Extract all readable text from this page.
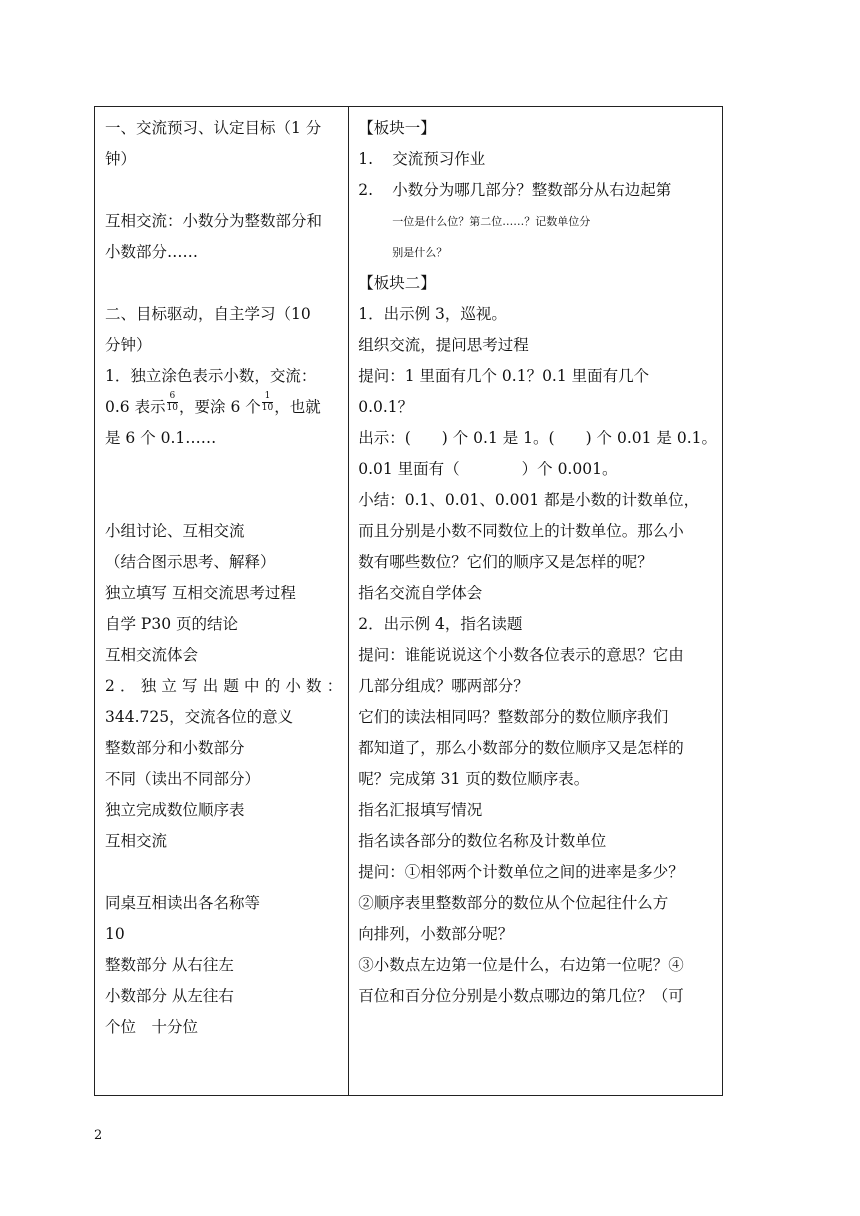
一、交流预习、认定目标（1 分
钟）
互相交流：小数分为整数部分和
小数部分……
二、目标驱动，自主学习（10
分钟）
1．独立涂色表示小数，交流：
0.6 表示 $\frac{6}{10}$ ，要涂 6 个 $\frac{1}{10}$ ，也就
是 6 个 0.1……
小组讨论、互相交流
（结合图示思考、解释）
独立填写 互相交流思考过程
自学 P30 页的结论
互相交流体会
2．独立写出题中的小数：
344.725，交流各位的意义
整数部分和小数部分
不同（读出不同部分）
独立完成数位顺序表
互相交流
同桌互相读出各名称等
10
整数部分 从右往左
小数部分 从左往右
个位　十分位
【板块一】
1. 交流预习作业
2. 小数分为哪几部分？整数部分从右边起第
一位是什么位？第二位……？记数单位分
别是什么？
【板块二】
1．出示例 3，巡视。
组织交流，提问思考过程
提问：1 里面有几个 0.1？0.1 里面有几个
0.0.1？
出示：(　　) 个 0.1 是 1。(　　) 个 0.01 是 0.1。
0.01 里面有（　　　　）个 0.001。
小结：0.1、0.01、0.001 都是小数的计数单位，
而且分别是小数不同数位上的计数单位。那么小
数有哪些数位？它们的顺序又是怎样的呢？
指名交流自学体会
2．出示例 4，指名读题
提问：谁能说说这个小数各位表示的意思？它由
几部分组成？哪两部分？
它们的读法相同吗？整数部分的数位顺序我们
都知道了，那么小数部分的数位顺序又是怎样的
呢？完成第 31 页的数位顺序表。
指名汇报填写情况
指名读各部分的数位名称及计数单位
提问：①相邻两个计数单位之间的进率是多少？
②顺序表里整数部分的数位从个位起往什么方
向排列，小数部分呢？
③小数点左边第一位是什么，右边第一位呢？④
百位和百分位分别是小数点哪边的第几位？（可
2
